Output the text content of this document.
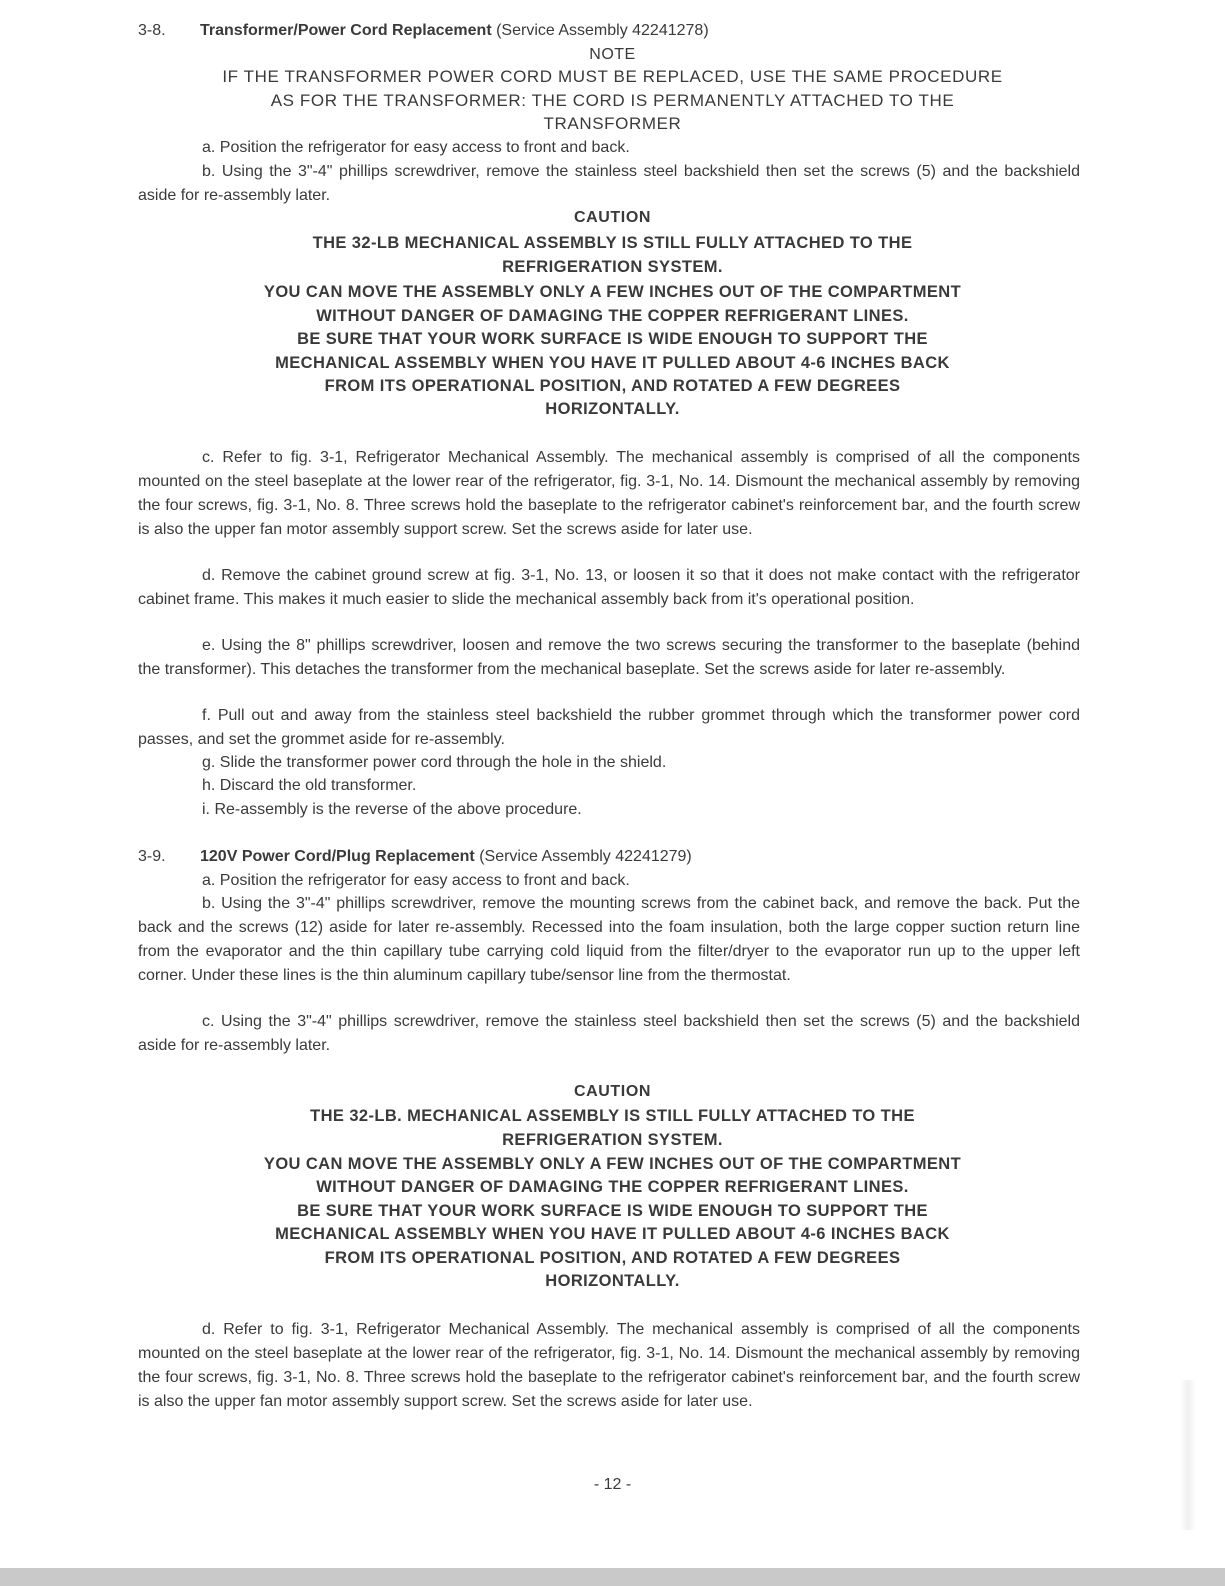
3-8. Transformer/Power Cord Replacement (Service Assembly 42241278)
NOTE
IF THE TRANSFORMER POWER CORD MUST BE REPLACED, USE THE SAME PROCEDURE
AS FOR THE TRANSFORMER: THE CORD IS PERMANENTLY ATTACHED TO THE
TRANSFORMER
a. Position the refrigerator for easy access to front and back.
b. Using the 3"-4" phillips screwdriver, remove the stainless steel backshield then set the screws (5) and the backshield aside for re-assembly later.
CAUTION
THE 32-LB MECHANICAL ASSEMBLY IS STILL FULLY ATTACHED TO THE
REFRIGERATION SYSTEM.
YOU CAN MOVE THE ASSEMBLY ONLY A FEW INCHES OUT OF THE COMPARTMENT
WITHOUT DANGER OF DAMAGING THE COPPER REFRIGERANT LINES.
BE SURE THAT YOUR WORK SURFACE IS WIDE ENOUGH TO SUPPORT THE
MECHANICAL ASSEMBLY WHEN YOU HAVE IT PULLED ABOUT 4-6 INCHES BACK
FROM ITS OPERATIONAL POSITION, AND ROTATED A FEW DEGREES
HORIZONTALLY.
c. Refer to fig. 3-1, Refrigerator Mechanical Assembly. The mechanical assembly is comprised of all the components mounted on the steel baseplate at the lower rear of the refrigerator, fig. 3-1, No. 14. Dismount the mechanical assembly by removing the four screws, fig. 3-1, No. 8. Three screws hold the baseplate to the refrigerator cabinet's reinforcement bar, and the fourth screw is also the upper fan motor assembly support screw. Set the screws aside for later use.
d. Remove the cabinet ground screw at fig. 3-1, No. 13, or loosen it so that it does not make contact with the refrigerator cabinet frame. This makes it much easier to slide the mechanical assembly back from it's operational position.
e. Using the 8" phillips screwdriver, loosen and remove the two screws securing the transformer to the baseplate (behind the transformer). This detaches the transformer from the mechanical baseplate. Set the screws aside for later re-assembly.
f. Pull out and away from the stainless steel backshield the rubber grommet through which the transformer power cord passes, and set the grommet aside for re-assembly.
g. Slide the transformer power cord through the hole in the shield.
h. Discard the old transformer.
i. Re-assembly is the reverse of the above procedure.
3-9. 120V Power Cord/Plug Replacement (Service Assembly 42241279)
a. Position the refrigerator for easy access to front and back.
b. Using the 3"-4" phillips screwdriver, remove the mounting screws from the cabinet back, and remove the back. Put the back and the screws (12) aside for later re-assembly. Recessed into the foam insulation, both the large copper suction return line from the evaporator and the thin capillary tube carrying cold liquid from the filter/dryer to the evaporator run up to the upper left corner. Under these lines is the thin aluminum capillary tube/sensor line from the thermostat.
c. Using the 3"-4" phillips screwdriver, remove the stainless steel backshield then set the screws (5) and the backshield aside for re-assembly later.
CAUTION
THE 32-LB. MECHANICAL ASSEMBLY IS STILL FULLY ATTACHED TO THE
REFRIGERATION SYSTEM.
YOU CAN MOVE THE ASSEMBLY ONLY A FEW INCHES OUT OF THE COMPARTMENT
WITHOUT DANGER OF DAMAGING THE COPPER REFRIGERANT LINES.
BE SURE THAT YOUR WORK SURFACE IS WIDE ENOUGH TO SUPPORT THE
MECHANICAL ASSEMBLY WHEN YOU HAVE IT PULLED ABOUT 4-6 INCHES BACK
FROM ITS OPERATIONAL POSITION, AND ROTATED A FEW DEGREES
HORIZONTALLY.
d. Refer to fig. 3-1, Refrigerator Mechanical Assembly. The mechanical assembly is comprised of all the components mounted on the steel baseplate at the lower rear of the refrigerator, fig. 3-1, No. 14. Dismount the mechanical assembly by removing the four screws, fig. 3-1, No. 8. Three screws hold the baseplate to the refrigerator cabinet's reinforcement bar, and the fourth screw is also the upper fan motor assembly support screw. Set the screws aside for later use.
- 12 -
